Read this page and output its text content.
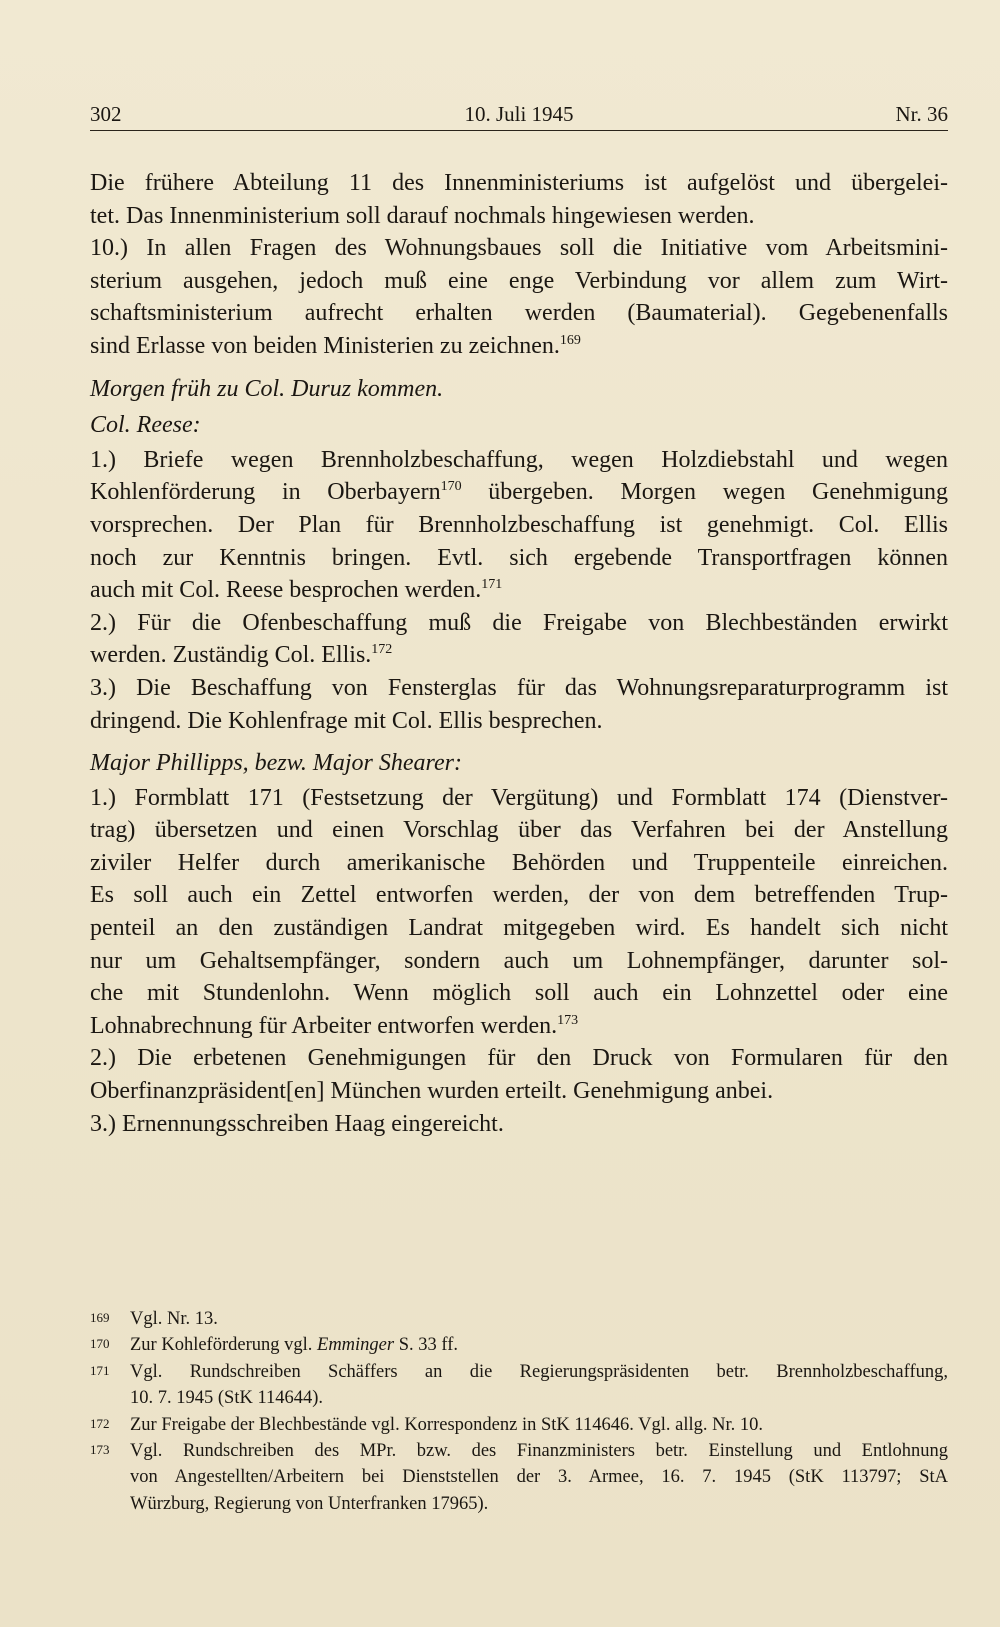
302	10. Juli 1945	Nr. 36
Die frühere Abteilung 11 des Innenministeriums ist aufgelöst und übergelei-
tet. Das Innenministerium soll darauf nochmals hingewiesen werden.
10.) In allen Fragen des Wohnungsbaues soll die Initiative vom Arbeitsmini-
sterium ausgehen, jedoch muß eine enge Verbindung vor allem zum Wirt-
schaftsministerium aufrecht erhalten werden (Baumaterial). Gegebenenfalls
sind Erlasse von beiden Ministerien zu zeichnen.$^{169}$
Morgen früh zu Col. Duruz kommen.
Col. Reese:
1.) Briefe wegen Brennholzbeschaffung, wegen Holzdiebstahl und wegen
Kohlenförderung in Oberbayern$^{170}$ übergeben. Morgen wegen Genehmigung
vorsprechen. Der Plan für Brennholzbeschaffung ist genehmigt. Col. Ellis
noch zur Kenntnis bringen. Evtl. sich ergebende Transportfragen können
auch mit Col. Reese besprochen werden.$^{171}$
2.) Für die Ofenbeschaffung muß die Freigabe von Blechbeständen erwirkt
werden. Zuständig Col. Ellis.$^{172}$
3.) Die Beschaffung von Fensterglas für das Wohnungsreparaturprogramm ist
dringend. Die Kohlenfrage mit Col. Ellis besprechen.
Major Phillipps, bezw. Major Shearer:
1.) Formblatt 171 (Festsetzung der Vergütung) und Formblatt 174 (Dienstver-
trag) übersetzen und einen Vorschlag über das Verfahren bei der Anstellung
ziviler Helfer durch amerikanische Behörden und Truppenteile einreichen.
Es soll auch ein Zettel entworfen werden, der von dem betreffenden Trup-
penteil an den zuständigen Landrat mitgegeben wird. Es handelt sich nicht
nur um Gehaltsempfänger, sondern auch um Lohnempfänger, darunter sol-
che mit Stundenlohn. Wenn möglich soll auch ein Lohnzettel oder eine
Lohnabrechnung für Arbeiter entworfen werden.$^{173}$
2.) Die erbetenen Genehmigungen für den Druck von Formularen für den
Oberfinanzpräsident[en] München wurden erteilt. Genehmigung anbei.
3.) Ernennungsschreiben Haag eingereicht.
169 Vgl. Nr. 13.
170 Zur Kohleförderung vgl. Emminger S. 33 ff.
171 Vgl. Rundschreiben Schäffers an die Regierungspräsidenten betr. Brennholzbeschaffung,
10. 7. 1945 (StK 114644).
172 Zur Freigabe der Blechbestände vgl. Korrespondenz in StK 114646. Vgl. allg. Nr. 10.
173 Vgl. Rundschreiben des MPr. bzw. des Finanzministers betr. Einstellung und Entlohnung
von Angestellten/Arbeitern bei Dienststellen der 3. Armee, 16. 7. 1945 (StK 113797; StA
Würzburg, Regierung von Unterfranken 17965).
